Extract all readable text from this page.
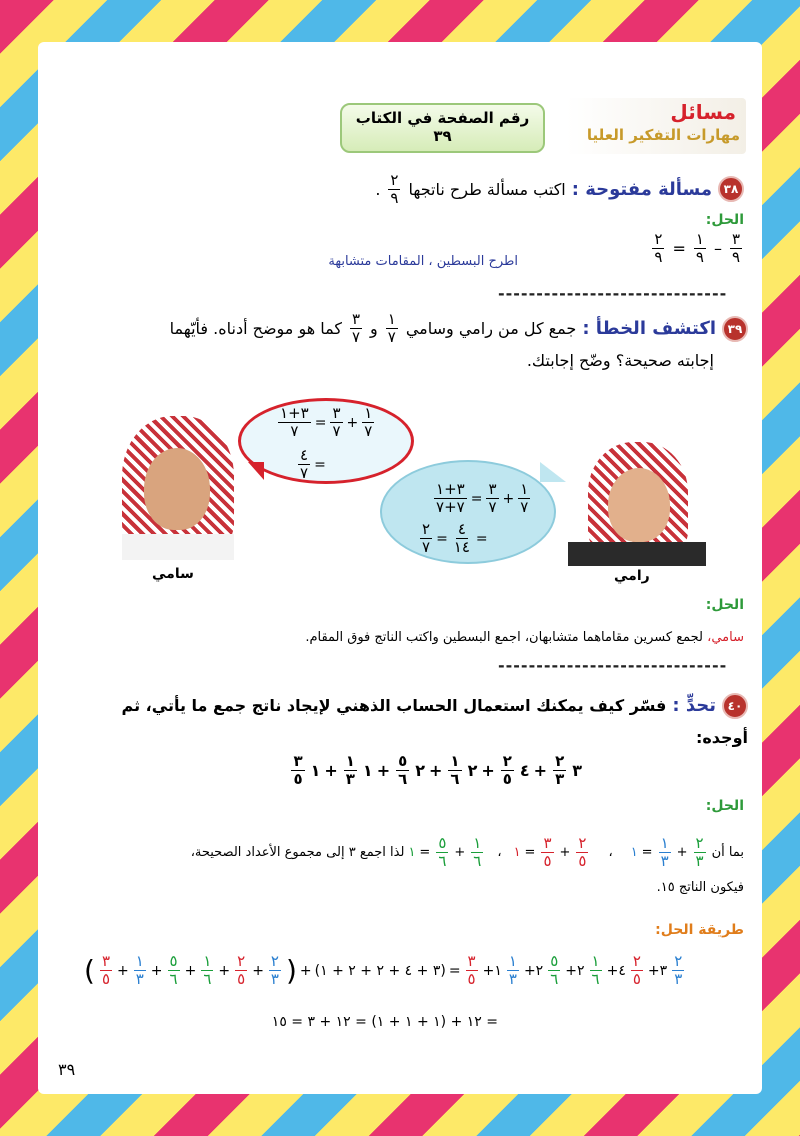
مسائل
مهارات التفكير العليا
رقم الصفحة في الكتاب
٣٩
٣٨
مسألة مفتوحة :
اكتب مسألة طرح ناتجها
$\frac{٢}{٩}$
.
الحل:
$\frac{٣}{٩}$
–
$\frac{١}{٩}$
=
$\frac{٢}{٩}$
اطرح البسطين ، المقامات متشابهة
------------------------------
٣٩
اكتشف الخطأ :
جمع كل من رامي وسامي
$\frac{١}{٧}$
و
$\frac{٣}{٧}$
كما هو موضح أدناه. فأيّهما
إجابته صحيحة؟ وضّح إجابتك.
سامي
$\frac{٣+١}{٧} = \frac{٣}{٧} + \frac{١}{٧}$
$\frac{٤}{٧}$ =
$\frac{٣+١}{٧+٧} = \frac{٣}{٧} + \frac{١}{٧}$
$\frac{٢}{٧} = \frac{٤}{١٤}$ =
رامي
الحل:
سامي، لجمع كسرين مقاماهما متشابهان، اجمع البسطين واكتب الناتج فوق المقام.
------------------------------
٤٠
تحدٍّ :
فسّر كيف يمكنك استعمال الحساب الذهني لإيجاد ناتج جمع ما يأتي، ثم
أوجده:
٣
$\frac{٢}{٣}$
+
٤
$\frac{٢}{٥}$
+
٢
$\frac{١}{٦}$
+
٢
$\frac{٥}{٦}$
+
١
$\frac{١}{٣}$
+
١
$\frac{٣}{٥}$
الحل:
بما أن
$\frac{٢}{٣}$
+
$\frac{١}{٣}$
=
١
،
$\frac{٢}{٥}$
+
$\frac{٣}{٥}$
=
١
،
$\frac{١}{٦}$
+
$\frac{٥}{٦}$
=
١
لذا اجمع ٣ إلى مجموع الأعداد الصحيحة،
فيكون الناتج ١٥.
طريقة الحل:
( $\frac{٣}{٥} + \frac{١}{٣} + \frac{٥}{٦} + \frac{١}{٦} + \frac{٢}{٥} + \frac{٢}{٣}$ ) + (٣ + ٤ + ٢ + ٢ + ١) = $\frac{٣}{٥}$ +١ $\frac{١}{٣}$ +٢ $\frac{٥}{٦}$ +٢ $\frac{١}{٦}$ +٤ $\frac{٢}{٥}$ +٣ $\frac{٢}{٣}$
= ١٢ + (١ + ١ + ١) = ١٢ + ٣ = ١٥
٣٩
